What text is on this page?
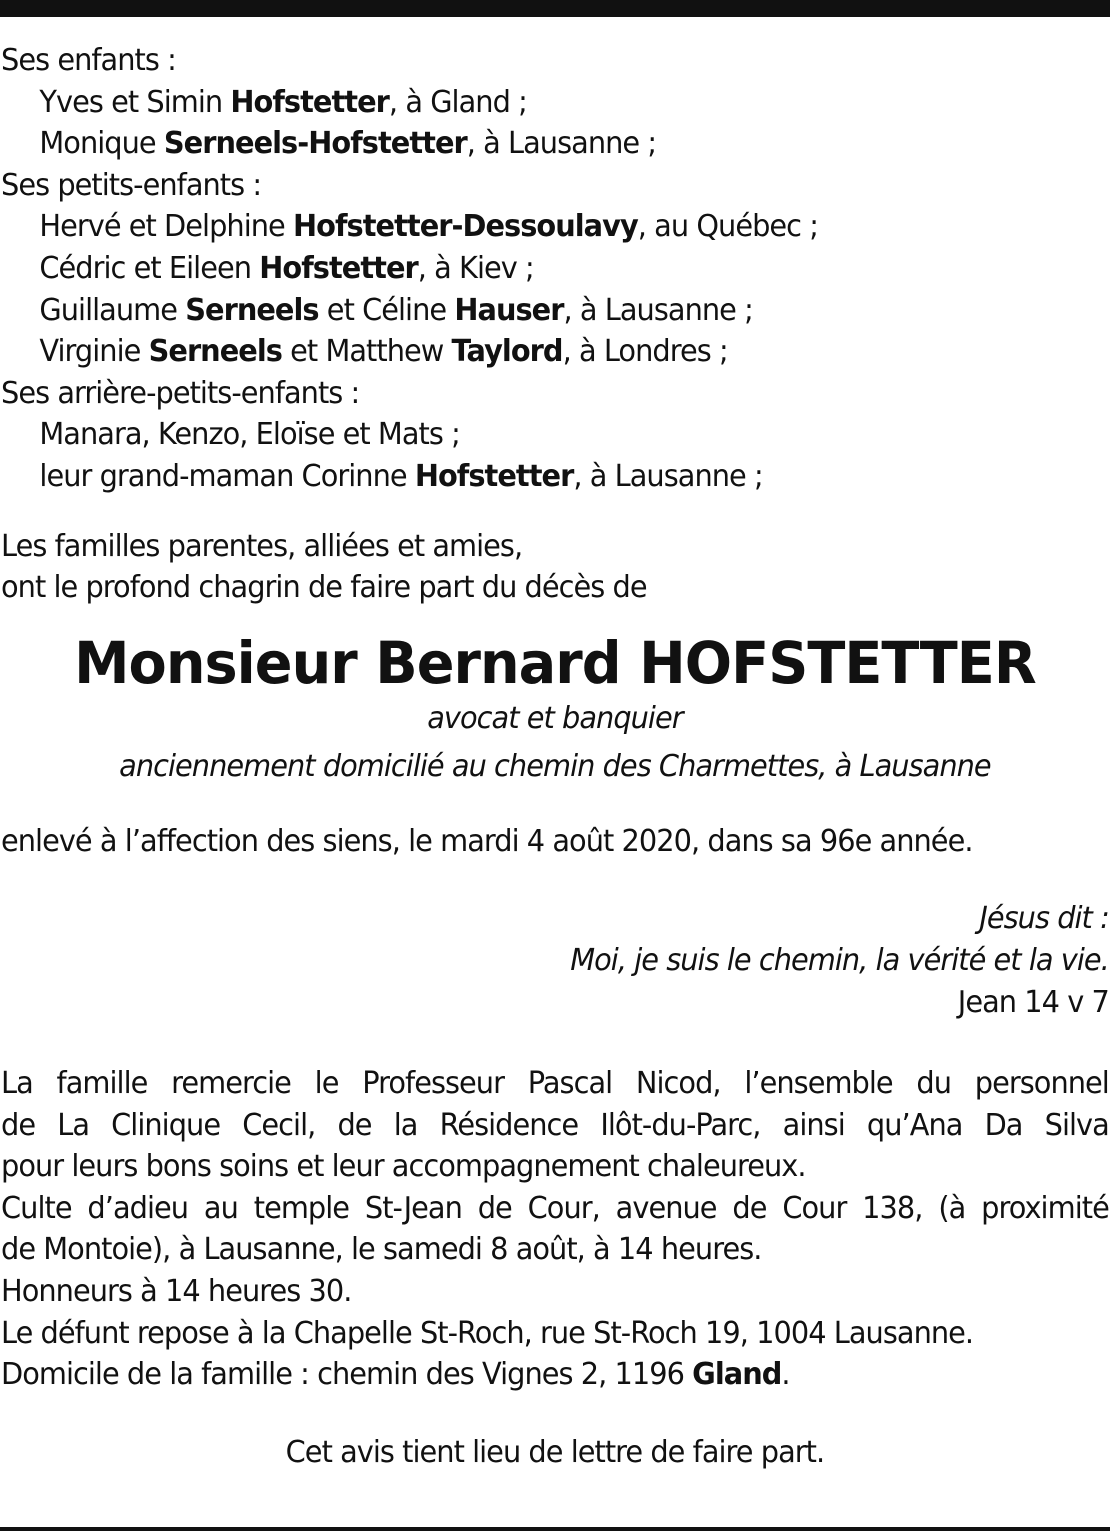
Ses enfants :
Yves et Simin Hofstetter, à Gland ;
Monique Serneels-Hofstetter, à Lausanne ;
Ses petits-enfants :
Hervé et Delphine Hofstetter-Dessoulavy, au Québec ;
Cédric et Eileen Hofstetter, à Kiev ;
Guillaume Serneels et Céline Hauser, à Lausanne ;
Virginie Serneels et Matthew Taylord, à Londres ;
Ses arrière-petits-enfants :
Manara, Kenzo, Eloïse et Mats ;
leur grand-maman Corinne Hofstetter, à Lausanne ;
Les familles parentes, alliées et amies,
ont le profond chagrin de faire part du décès de
Monsieur Bernard HOFSTETTER
avocat et banquier
anciennement domicilié au chemin des Charmettes, à Lausanne
enlevé à l’affection des siens, le mardi 4 août 2020, dans sa 96e année.
Jésus dit :
Moi, je suis le chemin, la vérité et la vie.
Jean 14 v 7
La famille remercie le Professeur Pascal Nicod, l’ensemble du personnel
de La Clinique Cecil, de la Résidence Ilôt-du-Parc, ainsi qu’Ana Da Silva
pour leurs bons soins et leur accompagnement chaleureux.
Culte d’adieu au temple St-Jean de Cour, avenue de Cour 138, (à proximité
de Montoie), à Lausanne, le samedi 8 août, à 14 heures.
Honneurs à 14 heures 30.
Le défunt repose à la Chapelle St-Roch, rue St-Roch 19, 1004 Lausanne.
Domicile de la famille : chemin des Vignes 2, 1196 Gland.
Cet avis tient lieu de lettre de faire part.
